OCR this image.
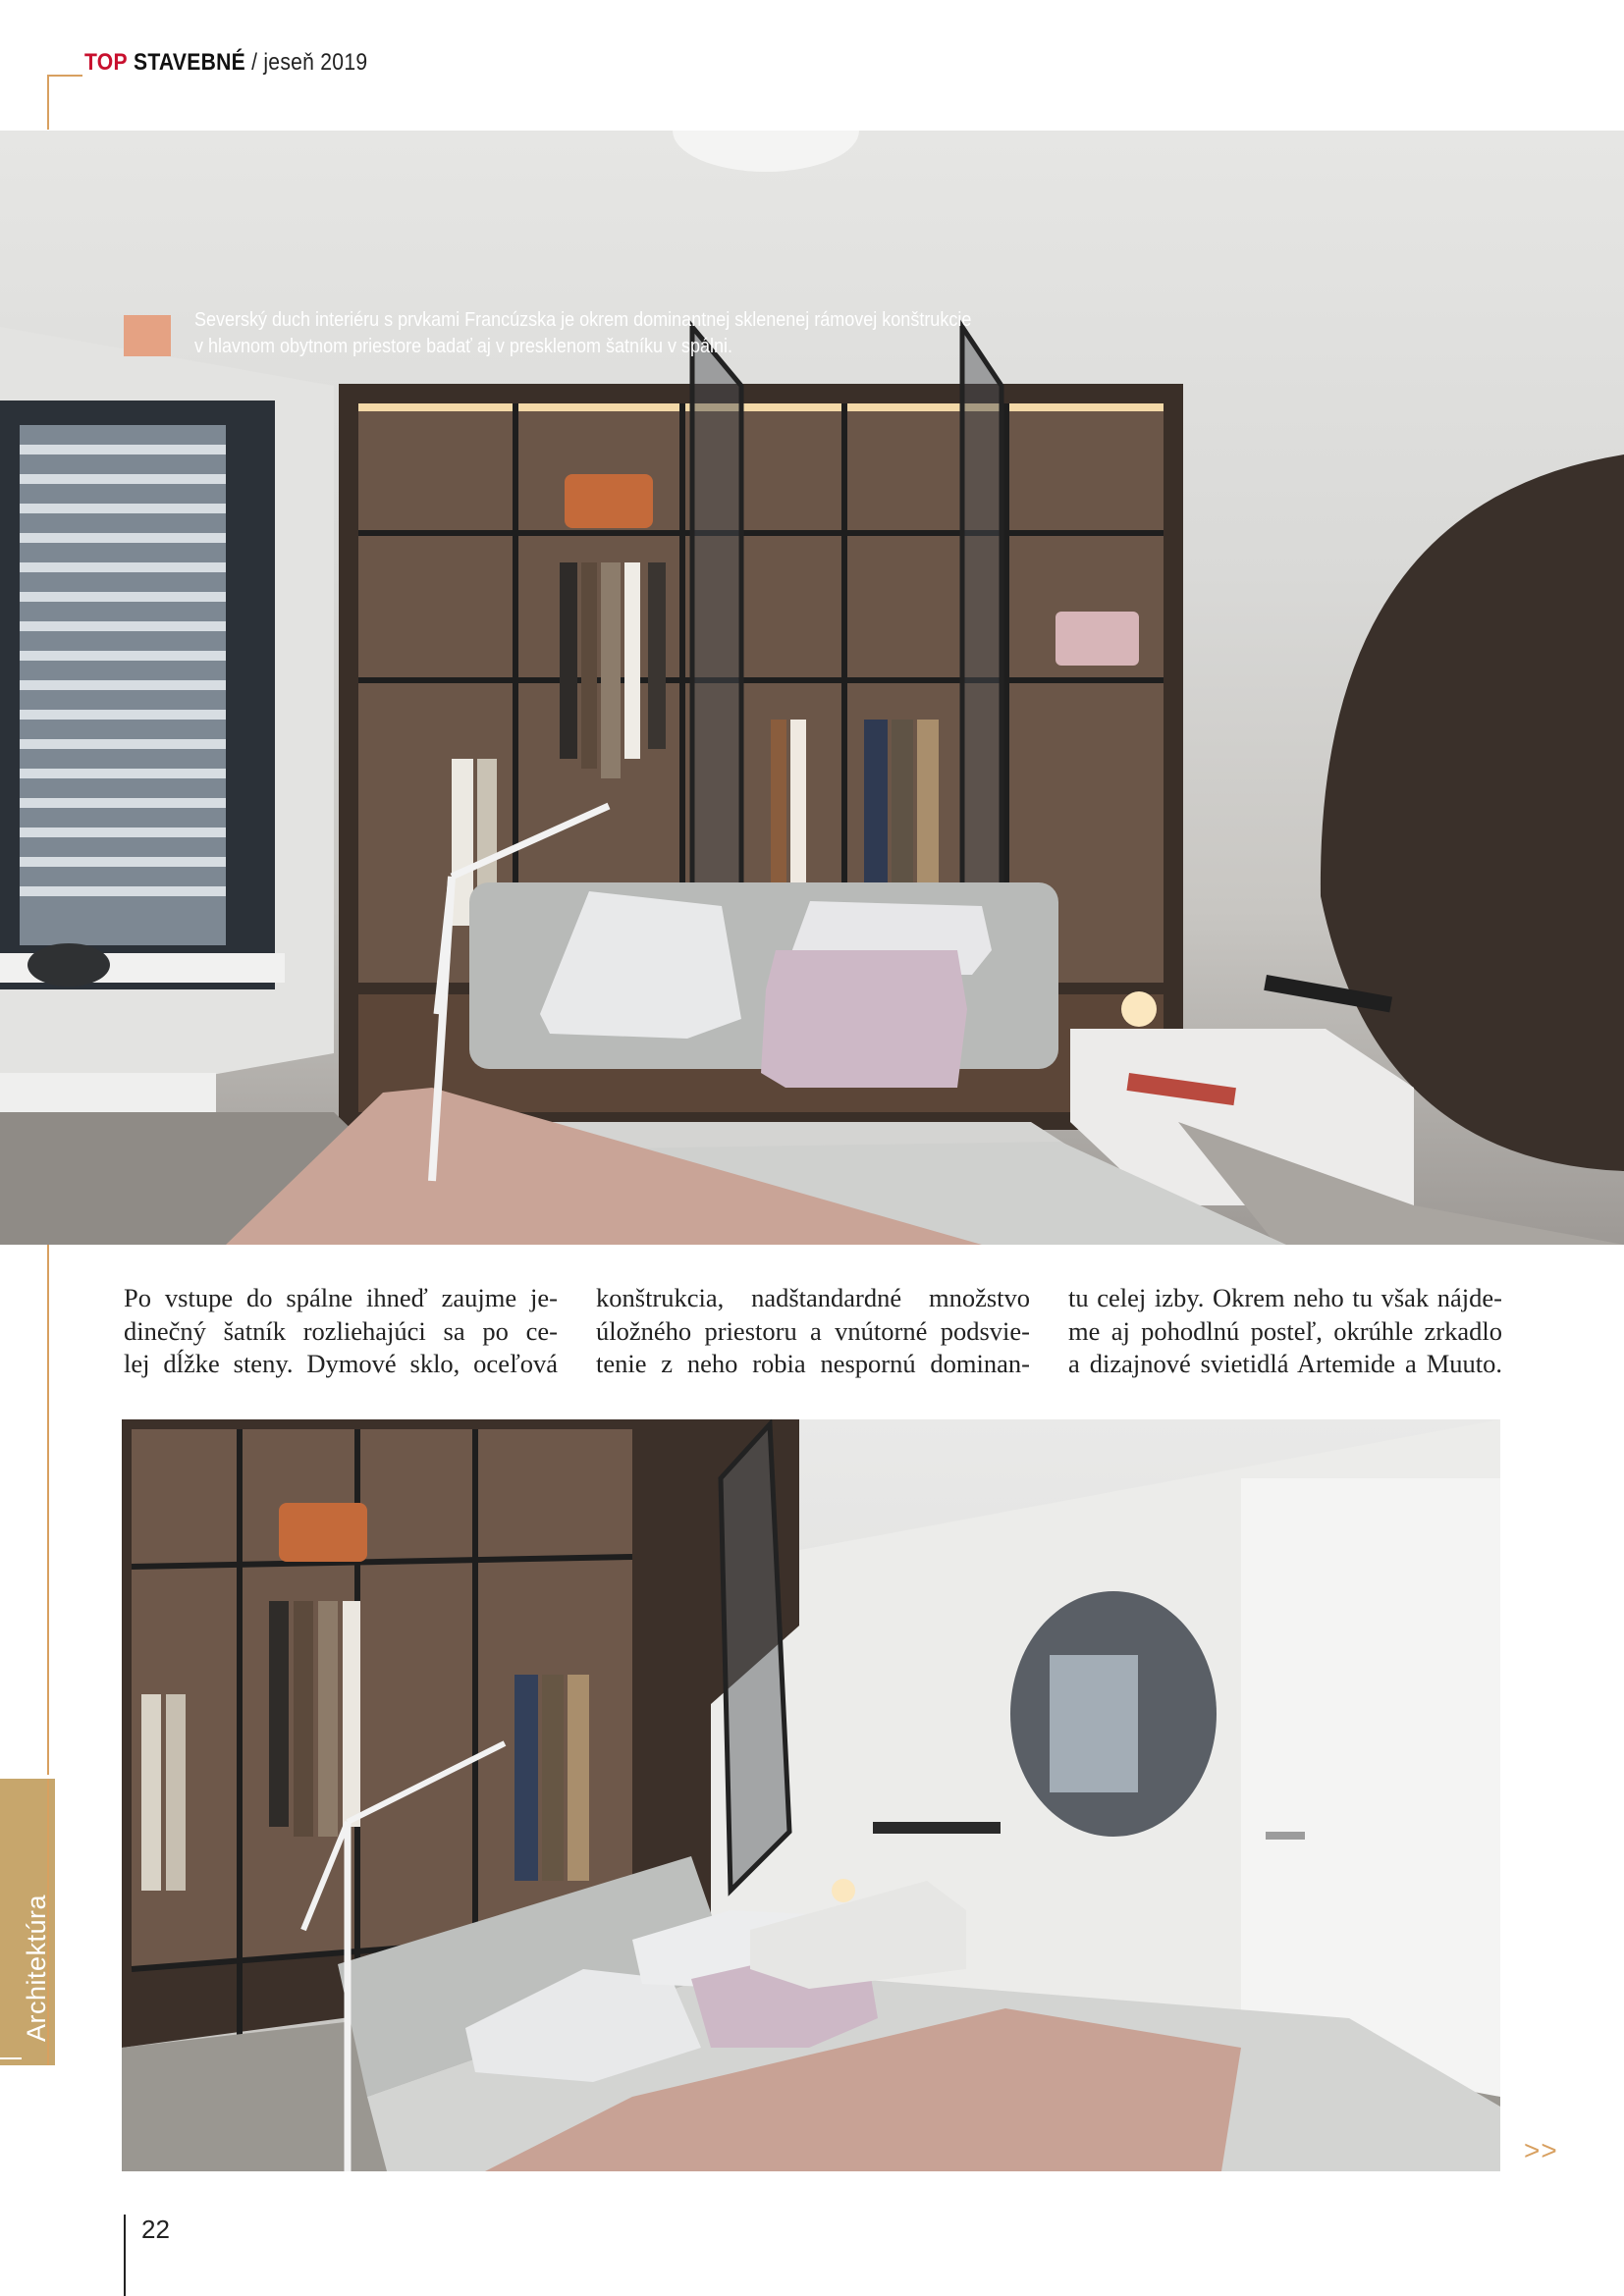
TOP STAVEBNÉ / jeseň 2019
Severský duch interiéru s prvkami Francúzska je okrem dominantnej sklenenej rámovej konštrukcie
v hlavnom obytnom priestore badať aj v presklenom šatníku v spálni.
Po vstupe do spálne ihneď zaujme je-
dinečný šatník rozliehajúci sa po ce-
lej dĺžke steny. Dymové sklo, oceľová
konštrukcia, nadštandardné množstvo
úložného priestoru a vnútorné podsvie-
tenie z neho robia nespornú dominan-
tu celej izby. Okrem neho tu však nájde-
me aj pohodlnú posteľ, okrúhle zrkadlo
a dizajnové svietidlá Artemide a Muuto.
Architektúra
>>
22
